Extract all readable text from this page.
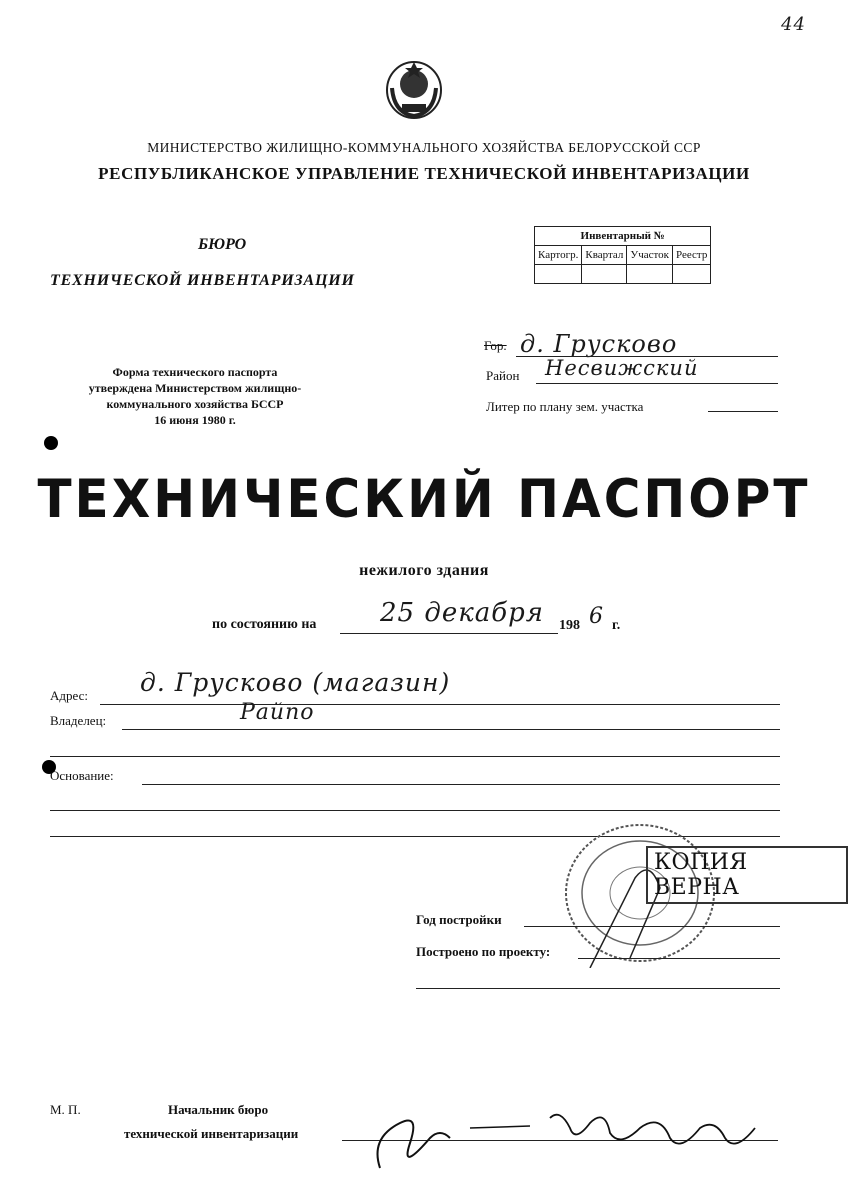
44
МИНИСТЕРСТВО ЖИЛИЩНО-КОММУНАЛЬНОГО ХОЗЯЙСТВА БЕЛОРУССКОЙ ССР
РЕСПУБЛИКАНСКОЕ УПРАВЛЕНИЕ ТЕХНИЧЕСКОЙ ИНВЕНТАРИЗАЦИИ
БЮРО
ТЕХНИЧЕСКОЙ ИНВЕНТАРИЗАЦИИ
Инвентарный №			
Картогр.	Квартал	Участок	Реестр

Гор. д. Грусково
Район Несвижский
Литер по плану зем. участка
Форма технического паспорта
утверждена Министерством жилищно-
коммунального хозяйства БССР
16 июня 1980 г.
ТЕХНИЧЕСКИЙ ПАСПОРТ
нежилого здания
по состоянию на 25 декабря 198 6 г.
Адрес: д. Грусково (магазин)
Владелец:	Райпо
Основание:
КОПИЯ ВЕРНА
Год постройки
Построено по проекту:
М. П.	Начальник бюро
технической инвентаризации
